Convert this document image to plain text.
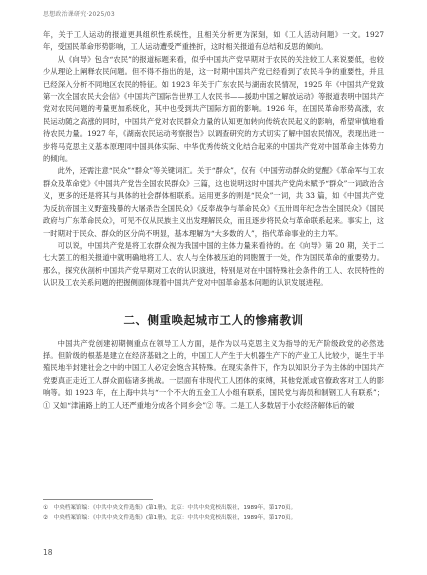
思想政治课研究·2025/03

年，关于工人运动的报道更具组织性系统性，且相关分析更为深刻，如《工人活动问题》一文。1927 年，受国民革命形势影响，工人运动遭受严重挫折，这时相关报道有总结和反思的倾向。

从《向导》包含“农民”的报道标题来看，似乎中国共产党早期对于农民的关注较工人来说要低，也较少从理论上阐释农民问题。但不得不指出的是，这一时期中国共产党已经看到了农民斗争的重要性，并且已经深入分析不同地区农民的特征。如 1923 年关于广东农民与湖南农民情况，1925 年《中国共产党致第一次全国农民大会信》《中国共产国际告世界工人农民书——援助中国之解放运动》等报道表明中国共产党对农民问题的考量更加系统化，其中也受到共产国际方面的影响。1926 年，在国民革命形势高涨，农民运动随之高涨的同时，中国共产党对农民群众力量的认知更加转向传统农民起义的影响，希望审慎地看待农民力量。1927 年，《湖南农民运动考察报告》以调查研究的方式切实了解中国农民情况，表现出进一步将马克思主义基本原理同中国具体实际、中华优秀传统文化结合起来的中国共产党对中国革命主体势力的倾向。

此外，还需注意“民众”“群众”等关键词汇。关于“群众”，仅有《中国劳动群众的觉醒》《革命军与工农群众及革命党》《中国共产党告全国农民群众》三篇，这也说明这时中国共产党尚未赋予“群众”一词政治含义，更多的还是将其与具体的社会群体相联系。运用更多的则是“民众”一词，共 33 篇，如《中国共产党为反抗帝国主义野蛮残暴的大屠杀告全国民众》《反奉战争与革命民众》《五卅周年纪念告全国民众》《国民政府与广东革命民众》，可见不仅从民族主义出发理解民众，而且逐步将民众与革命联系起来。事实上，这一时期对于民众、群众的区分尚不明显，基本理解为“大多数的人”，指代革命事业的主力军。

可以说，中国共产党是将工农群众视为我国中国的主体力量来看待的。在《向导》第 20 期，关于二七大罢工的相关报道中就明确地将工人、农人与全体被压迫的同胞置于一处，作为国民革命的重要势力。那么，探究伙剖析中国共产党早期对工农的认识演进，特别是对在中国特殊社会条件的工人、农民特性的认识及工农关系问题的把握侧面体现着中国共产党对中国革命基本问题的认识发展进程。

二、侧重唤起城市工人的惨痛教训

中国共产党创建初期侧重点在领导工人方面，是作为以马克思主义为指导的无产阶级政党的必然选择。但阶级的根基是建立在经济基础之上的，中国工人产生于大机器生产下的产业工人比较少，诞生于半殖民地半封建社会之中的中国工人必定会饱含其特殊。在现实条件下，作为以知识分子为主体的中国共产党要真正走近工人群众面临诸多挑战。一层面有非现代工人团体的束缚，其他党派或官僚政客对工人的影响等。如 1923 年，在上海中共与“一个不大的五金工人小组有联系，国民党与海员和制钢工人有联系”；① 又如“津浦路上的工人还严重地分成各个同乡会”② 等。二是工人多数居于小农经济解体后的破

①　中央档案馆编：《中共中央文件选集》(第1册)，北京：中共中央党校出版社，1989年，第170页。
②　中央档案馆编：《中共中央文件选集》(第1册)，北京：中共中央党校出版社，1989年，第170页。
18
